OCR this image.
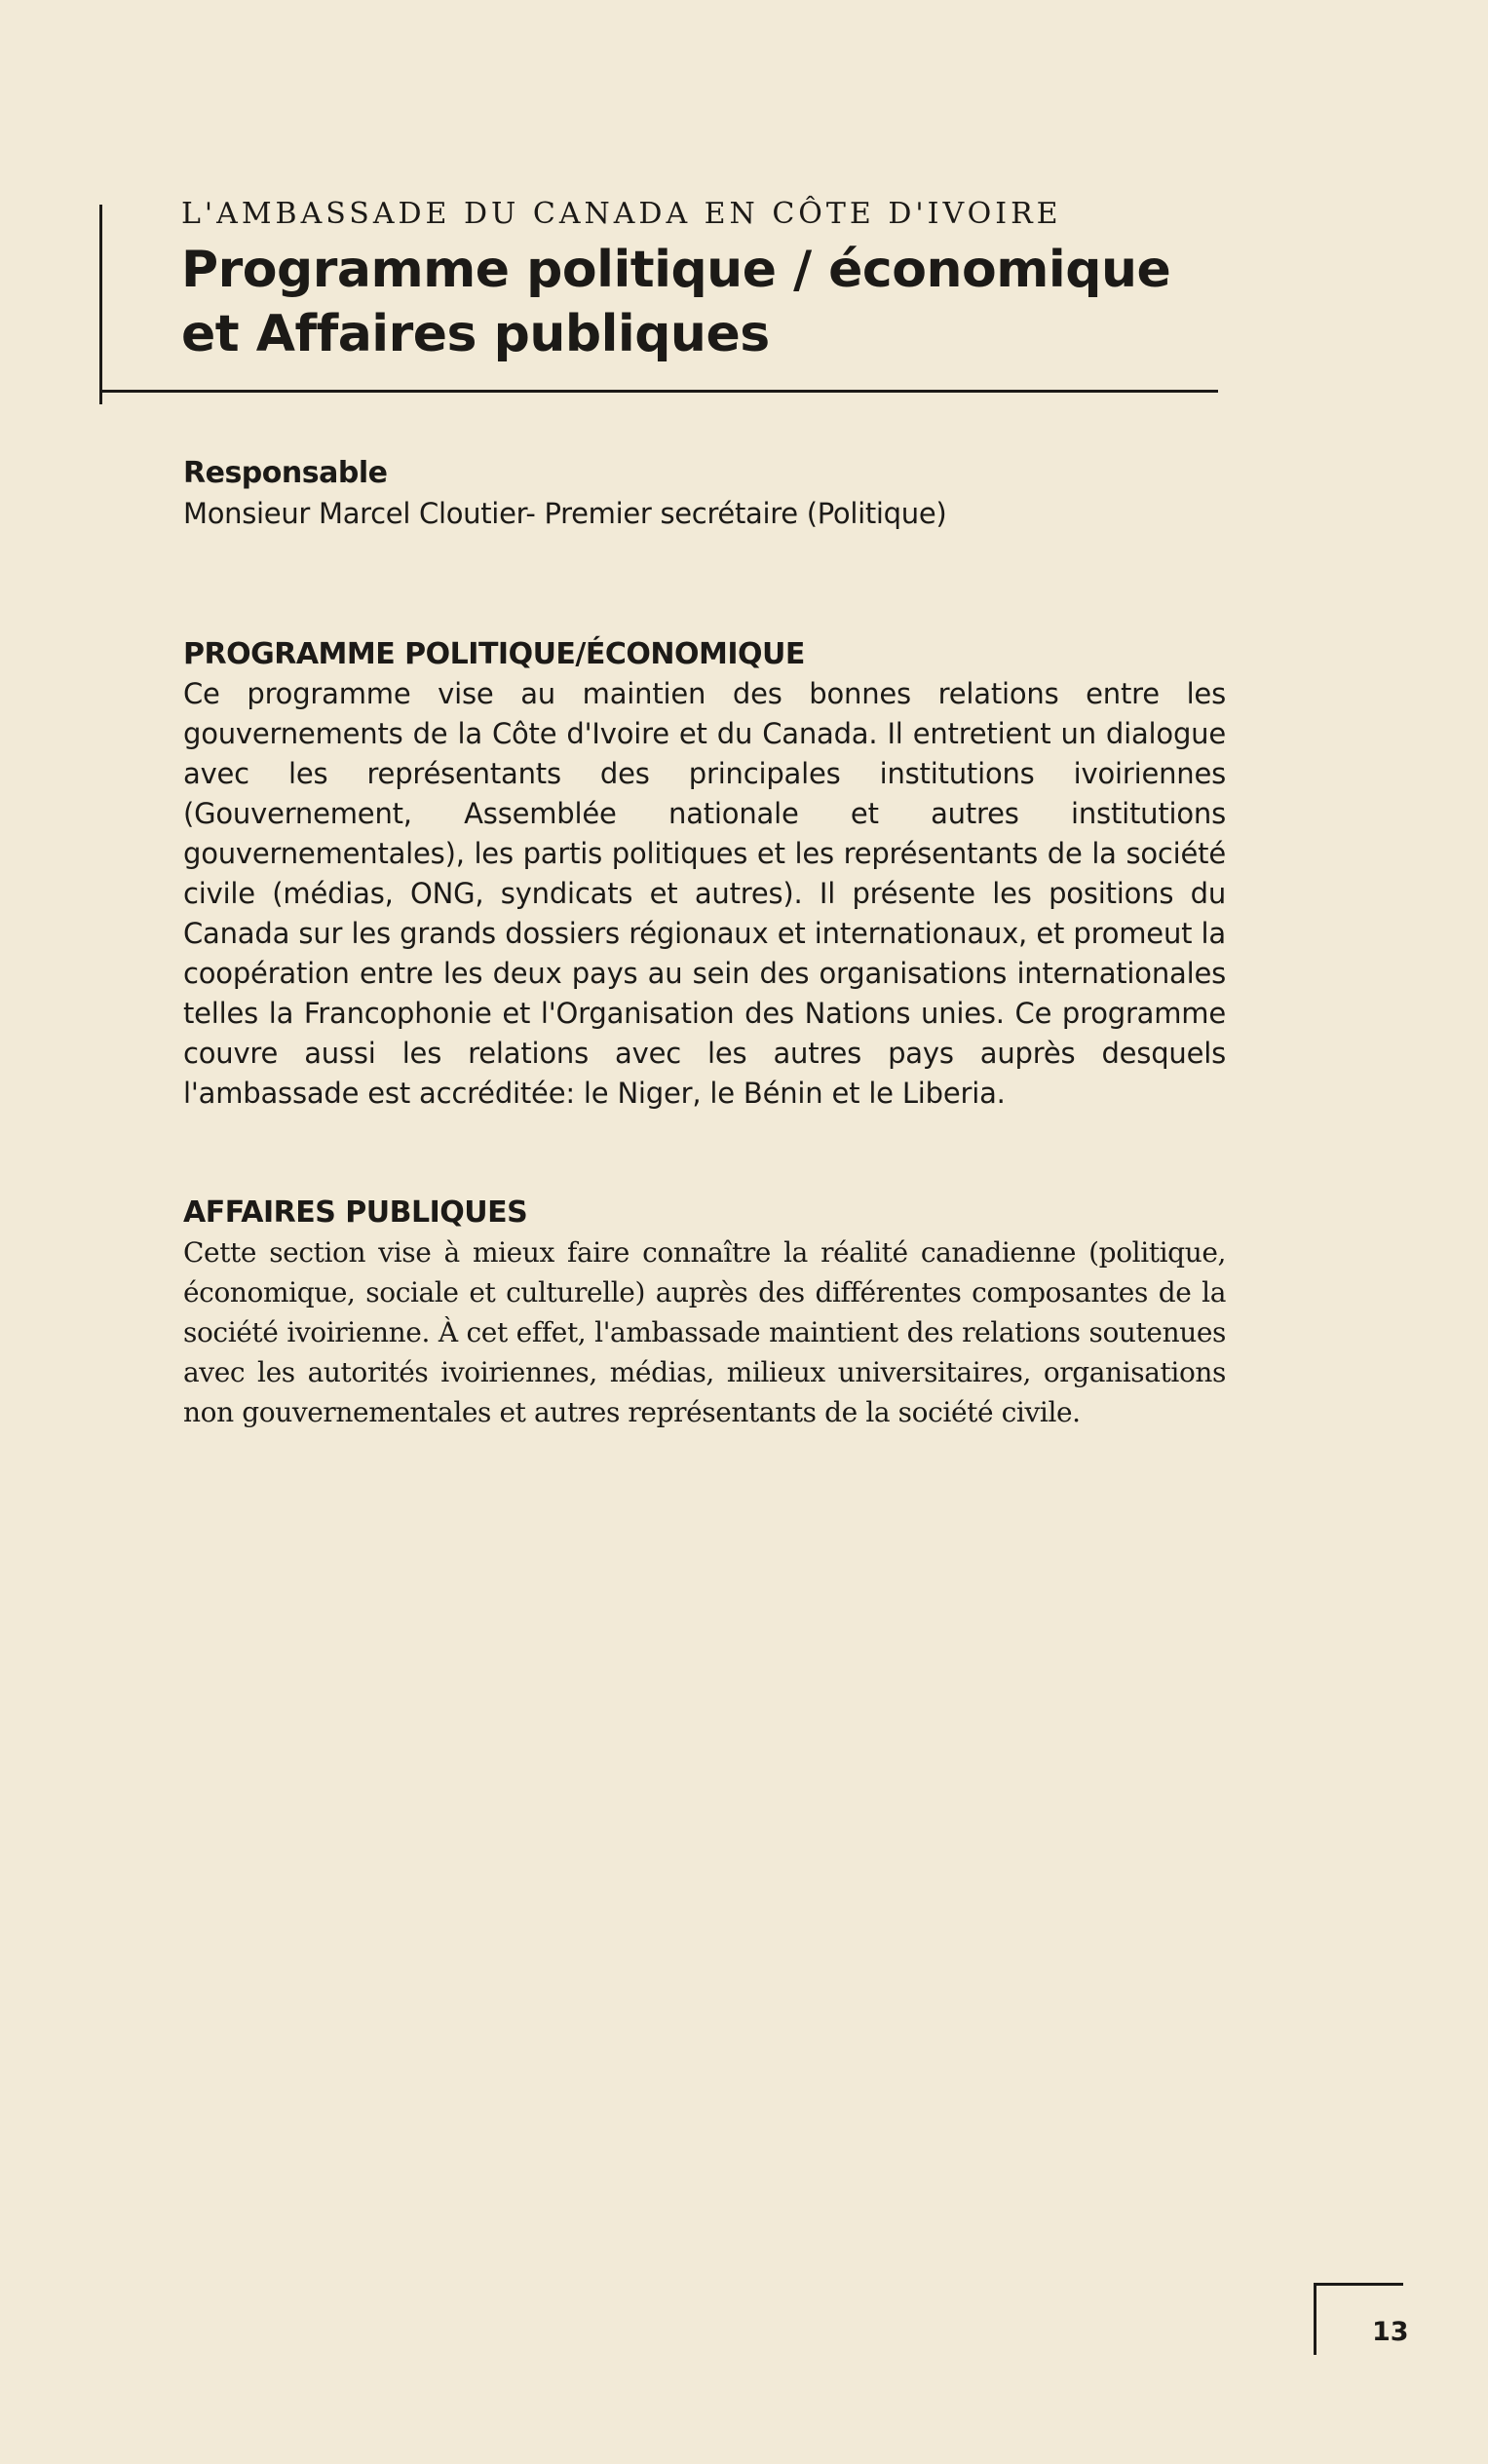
L'AMBASSADE DU CANADA EN CÔTE D'IVOIRE

Programme politique / économique
et Affaires publiques

Responsable

Monsieur Marcel Cloutier- Premier secrétaire (Politique)

PROGRAMME POLITIQUE/ÉCONOMIQUE

Ce programme vise au maintien des bonnes relations entre les gouvernements de la Côte d'Ivoire et du Canada. Il entretient un dialogue avec les représentants des principales institutions ivoiriennes (Gouvernement, Assemblée nationale et autres institutions gouvernementales), les partis politiques et les représentants de la société civile (médias, ONG, syndicats et autres). Il présente les positions du Canada sur les grands dossiers régionaux et internationaux, et promeut la coopération entre les deux pays au sein des organisations internationales telles la Francophonie et l'Organisation des Nations unies. Ce programme couvre aussi les relations avec les autres pays auprès desquels l'ambassade est accréditée: le Niger, le Bénin et le Liberia.

AFFAIRES PUBLIQUES

Cette section vise à mieux faire connaître la réalité canadienne (politique, économique, sociale et culturelle) auprès des différentes composantes de la société ivoirienne. À cet effet, l'ambassade maintient des relations soutenues avec les autorités ivoiriennes, médias, milieux universitaires, organisations non gouvernementales et autres représentants de la société civile.

13
